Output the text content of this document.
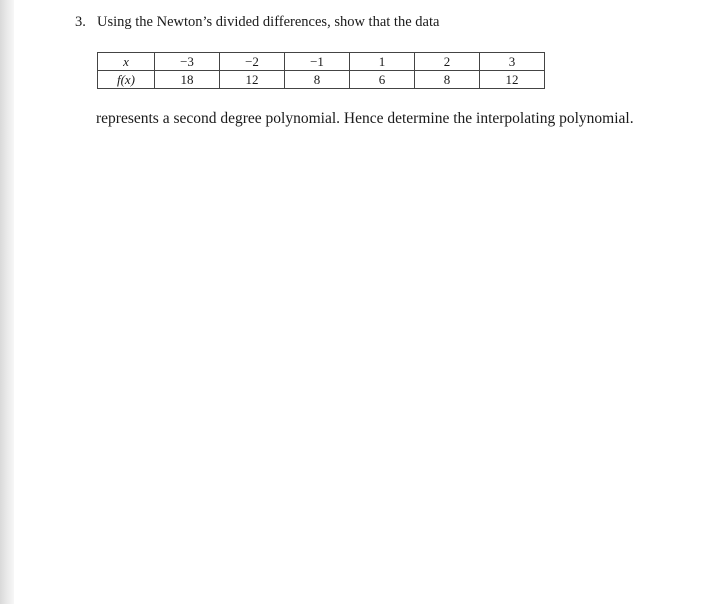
3. Using the Newton’s divided differences, show that the data
x	−3	−2	−1	1	2	3
f(x)	18	12	8	6	8	12
represents a second degree polynomial. Hence determine the interpolating polynomial.
